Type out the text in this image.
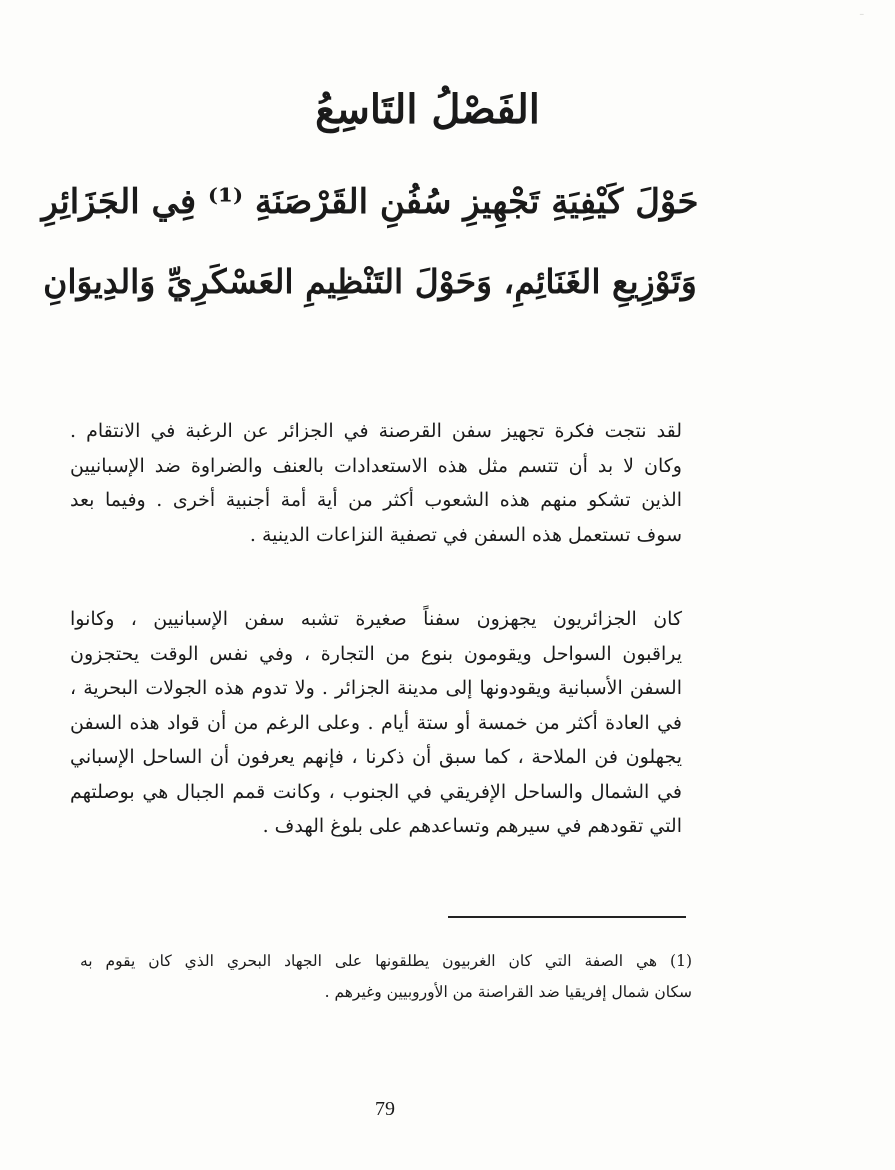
ـ
الفَصْلُ التَاسِعُ
حَوْلَ كَيْفِيَةِ تَجْهِيزِ سُفُنِ القَرْصَنَةِ ⁽¹⁾ فِي الجَزَائِرِ
وَتَوْزِيعِ الغَنَائِمِ، وَحَوْلَ التَنْظِيمِ العَسْكَرِيِّ وَالدِيوَانِ
لقد نتجت فكرة تجهيز سفن القرصنة في الجزائر عن الرغبة في الانتقام .
وكان لا بد أن تتسم مثل هذه الاستعدادات بالعنف والضراوة ضد الإسبانيين
الذين تشكو منهم هذه الشعوب أكثر من أية أمة أجنبية أخرى . وفيما بعد
سوف تستعمل هذه السفن في تصفية النزاعات الدينية .
كان الجزائريون يجهزون سفناً صغيرة تشبه سفن الإسبانيين ، وكانوا
يراقبون السواحل ويقومون بنوع من التجارة ، وفي نفس الوقت يحتجزون
السفن الأسبانية ويقودونها إلى مدينة الجزائر . ولا تدوم هذه الجولات البحرية ،
في العادة أكثر من خمسة أو ستة أيام . وعلى الرغم من أن قواد هذه السفن
يجهلون فن الملاحة ، كما سبق أن ذكرنا ، فإنهم يعرفون أن الساحل الإسباني
في الشمال والساحل الإفريقي في الجنوب ، وكانت قمم الجبال هي بوصلتهم
التي تقودهم في سيرهم وتساعدهم على بلوغ الهدف .
(1) هي الصفة التي كان الغربيون يطلقونها على الجهاد البحري الذي كان يقوم به
سكان شمال إفريقيا ضد القراصنة من الأوروبيين وغيرهم .
79
